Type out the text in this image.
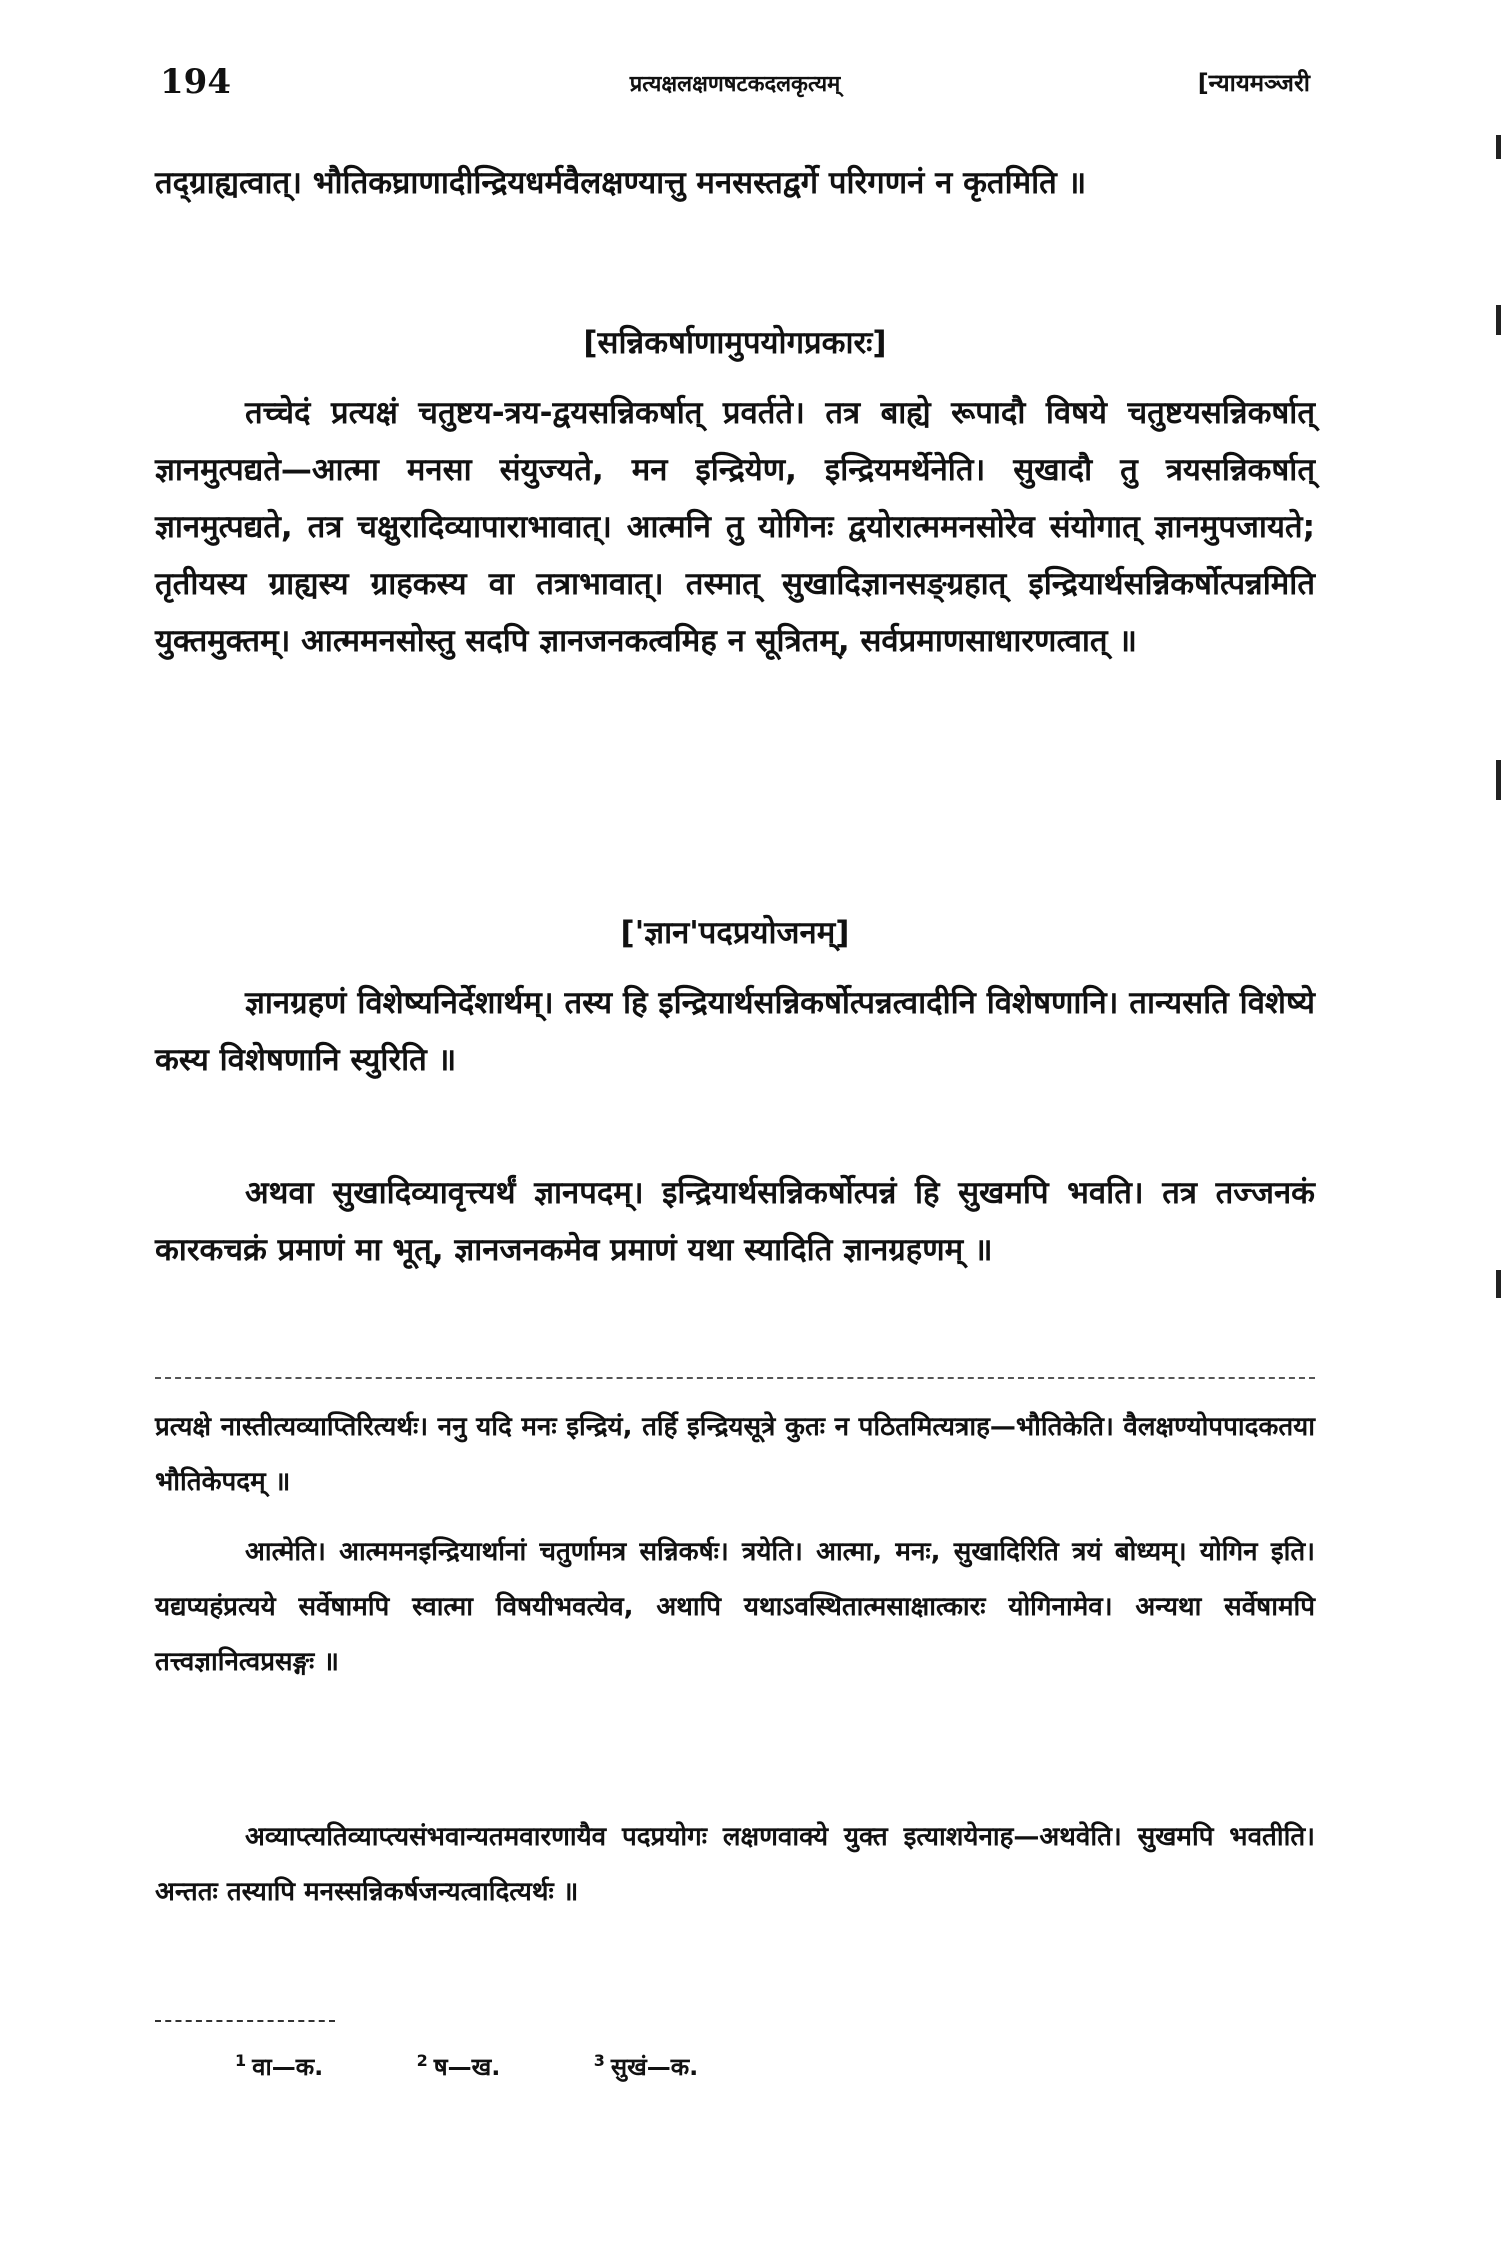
194	प्रत्यक्षलक्षणषटकदलकृत्यम्	[न्यायमञ्जरी
तद्ग्राह्यत्वात्। भौतिकघ्राणादीन्द्रियधर्मवैलक्षण्यात्तु मनसस्तद्वर्गे परिगणनं न कृतमिति ॥
[सन्निकर्षाणामुपयोगप्रकारः]
तच्चेदं प्रत्यक्षं चतुष्टय-त्रय-द्वयसन्निकर्षात् प्रवर्तते। तत्र बाह्ये रूपादौ विषये चतुष्टयसन्निकर्षात् ज्ञानमुत्पद्यते—आत्मा मनसा संयुज्यते, मन इन्द्रियेण, इन्द्रियमर्थेनेति। सुखादौ तु त्रयसन्निकर्षात् ज्ञानमुत्पद्यते, तत्र चक्षुरादिव्यापाराभावात्। आत्मनि तु योगिनः द्वयोरात्ममनसोरेव संयोगात् ज्ञानमुपजायते; तृतीयस्य ग्राह्यस्य ग्राहकस्य वा तत्राभावात्। तस्मात् सुखादिज्ञानसङ्ग्रहात् इन्द्रियार्थसन्निकर्षोत्पन्नमिति युक्तमुक्तम्। आत्ममनसोस्तु सदपि ज्ञानजनकत्वमिह न सूत्रितम्, सर्वप्रमाणसाधारणत्वात् ॥
['ज्ञान'पदप्रयोजनम्]
ज्ञानग्रहणं विशेष्यनिर्देशार्थम्। तस्य हि इन्द्रियार्थसन्निकर्षोत्पन्नत्वादीनि विशेषणानि। तान्यसति विशेष्ये कस्य विशेषणानि स्युरिति ॥
अथवा सुखादिव्यावृत्त्यर्थं ज्ञानपदम्। इन्द्रियार्थसन्निकर्षोत्पन्नं हि सुखमपि भवति। तत्र तज्जनकं कारकचक्रं प्रमाणं मा भूत्, ज्ञानजनकमेव प्रमाणं यथा स्यादिति ज्ञानग्रहणम् ॥
प्रत्यक्षे नास्तीत्यव्याप्तिरित्यर्थः। ननु यदि मनः इन्द्रियं, तर्हि इन्द्रियसूत्रे कुतः न पठितमित्यत्राह—भौतिकेति। वैलक्षण्योपपादकतया भौतिकेपदम् ॥
आत्मेति। आत्ममनइन्द्रियार्थानां चतुर्णामत्र सन्निकर्षः। त्रयेति। आत्मा, मनः, सुखादिरिति त्रयं बोध्यम्। योगिन इति। यद्यप्यहंप्रत्यये सर्वेषामपि स्वात्मा विषयीभवत्येव, अथापि यथाऽवस्थितात्मसाक्षात्कारः योगिनामेव। अन्यथा सर्वेषामपि तत्त्वज्ञानित्वप्रसङ्गः ॥
अव्याप्त्यतिव्याप्त्यसंभवान्यतमवारणायैव पदप्रयोगः लक्षणवाक्ये युक्त इत्याशयेनाह—अथवेति। सुखमपि भवतीति। अन्ततः तस्यापि मनस्सन्निकर्षजन्यत्वादित्यर्थः ॥
$^1$ वा—क.	$^2$ ष—ख.	$^3$ सुखं—क.
